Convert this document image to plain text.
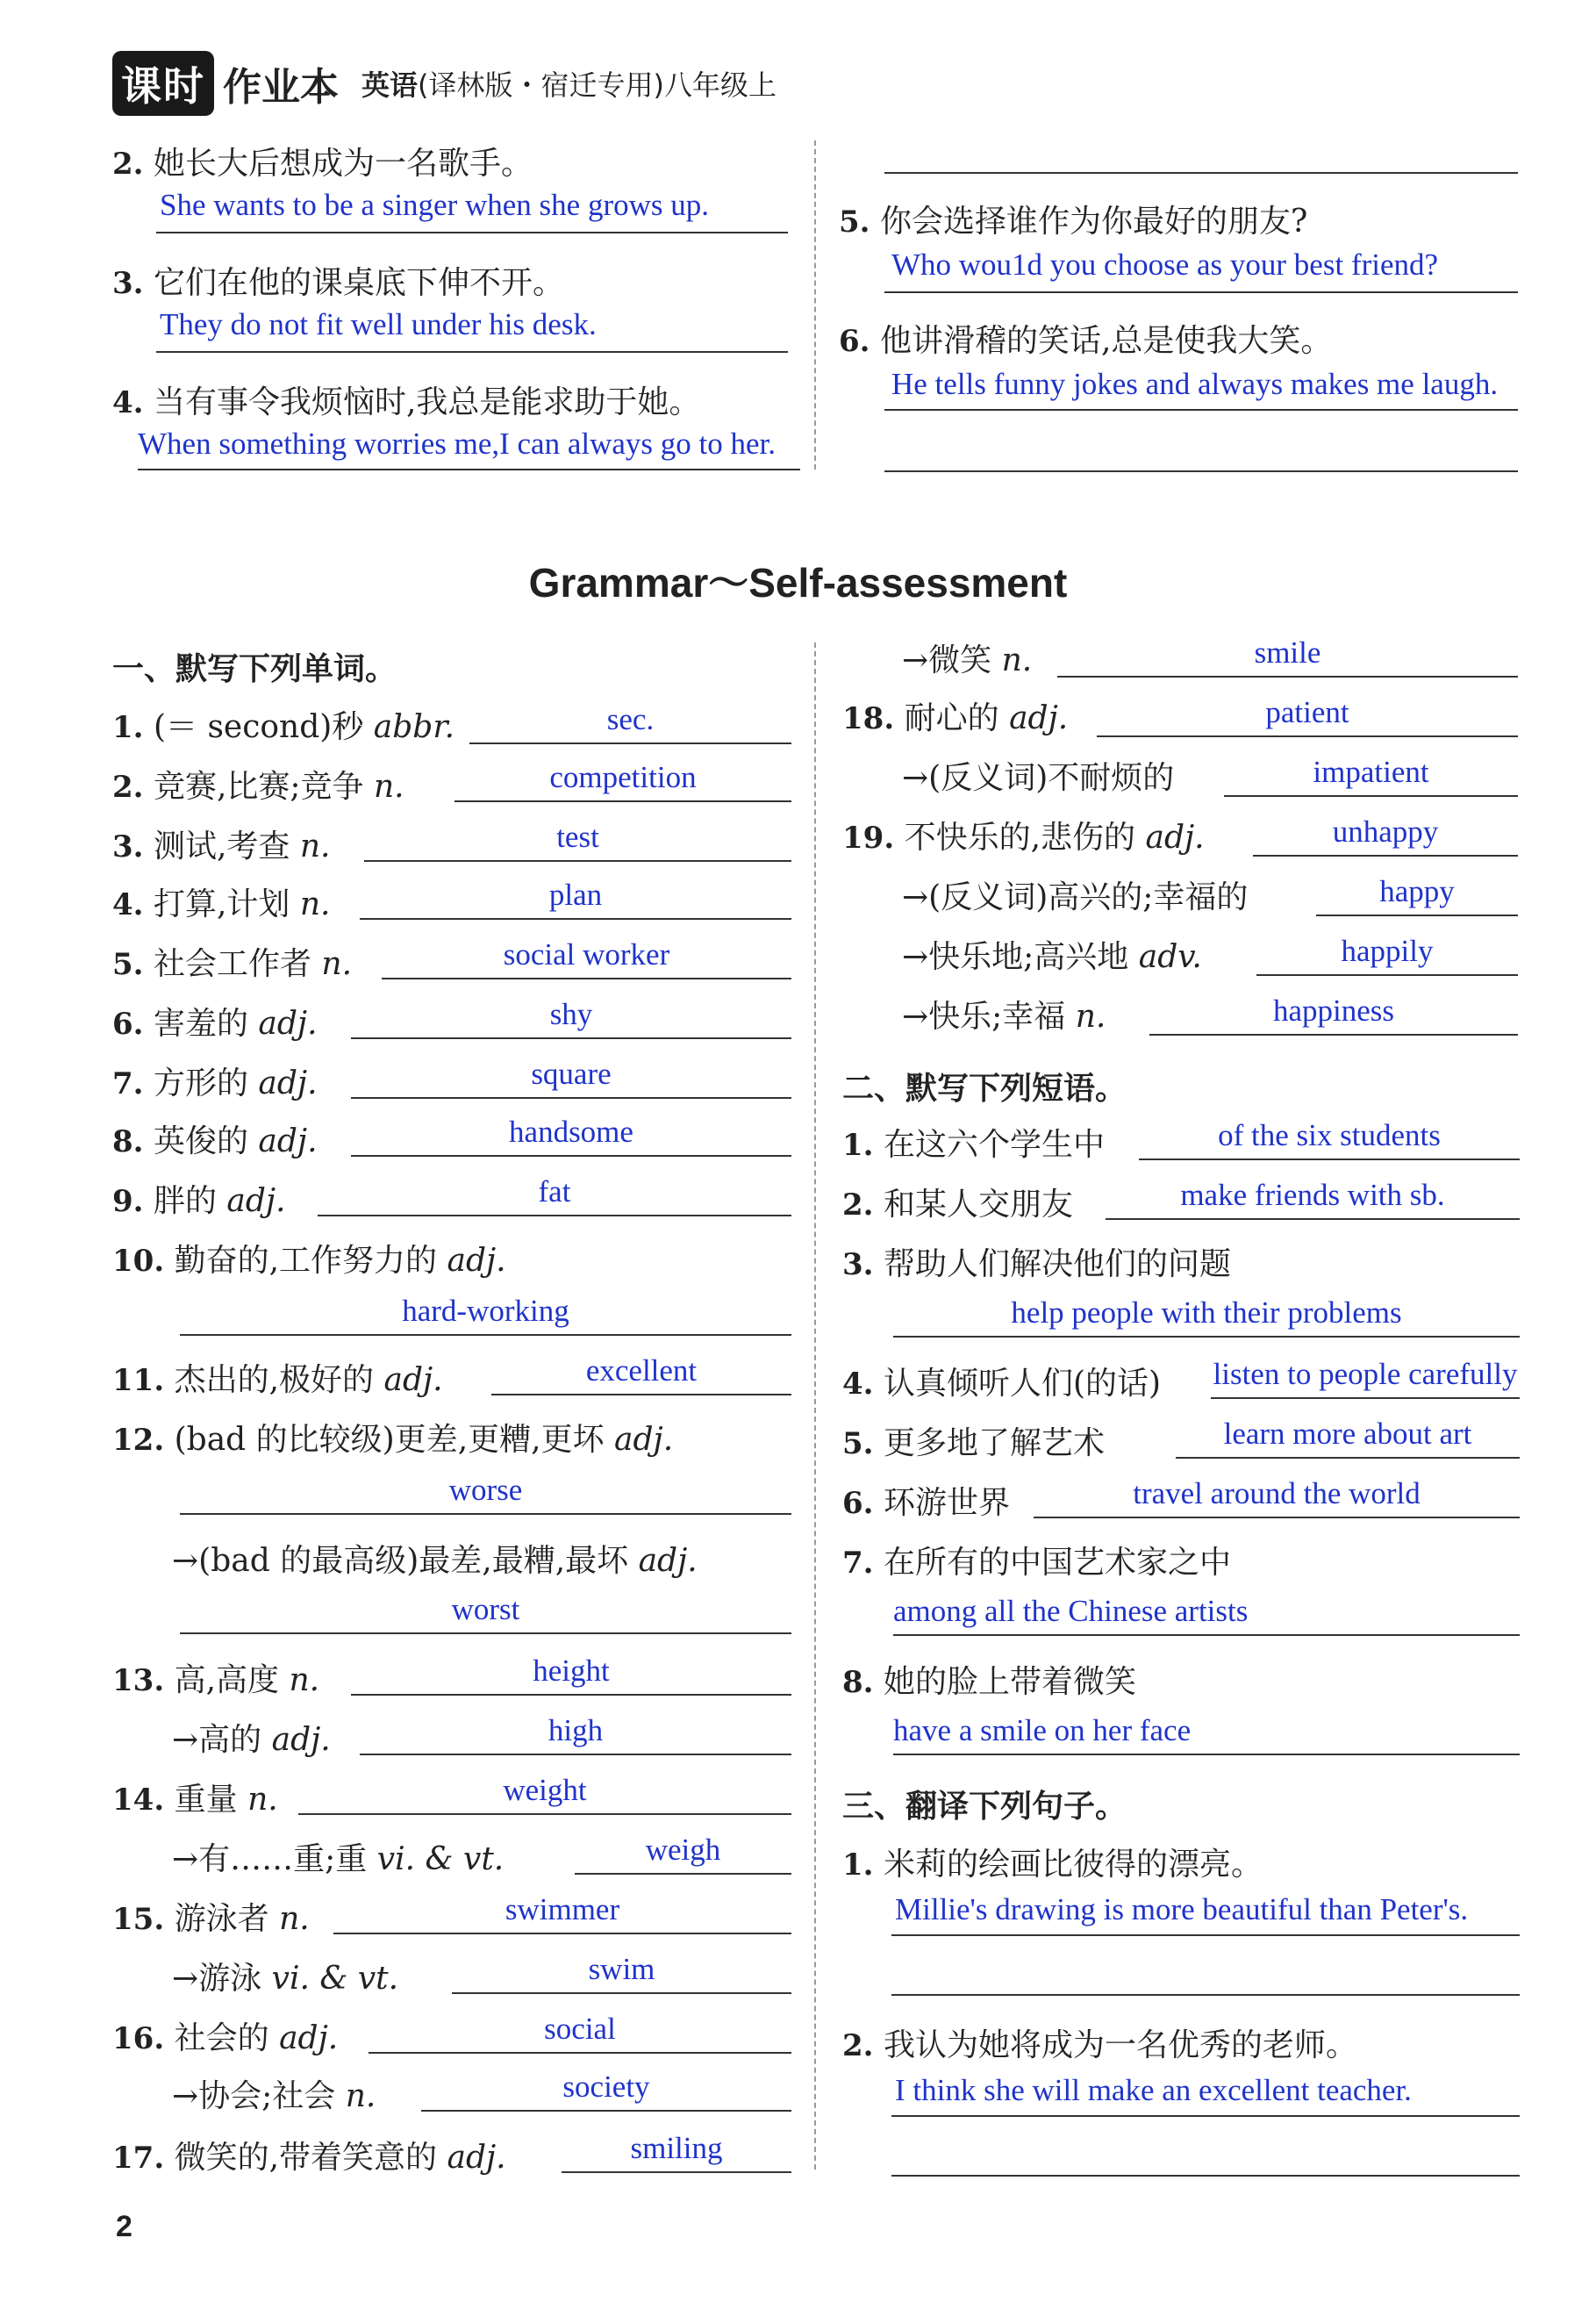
课时 作业本 英语(译林版・宿迁专用)八年级上
2. 她长大后想成为一名歌手。
She wants to be a singer when she grows up.
3. 它们在他的课桌底下伸不开。
They do not fit well under his desk.
4. 当有事令我烦恼时,我总是能求助于她。
When something worries me,I can always go to her.
5. 你会选择谁作为你最好的朋友?
Who wou1d you choose as your best friend?
6. 他讲滑稽的笑话,总是使我大笑。
He tells funny jokes and always makes me laugh.
Grammar～Self-assessment
一、默写下列单词。
1. (＝ second)秒 abbr.	sec.
2. 竞赛,比赛;竞争 n.	competition
3. 测试,考查 n.	test
4. 打算,计划 n.	plan
5. 社会工作者 n.	social worker
6. 害羞的 adj.	shy
7. 方形的 adj.	square
8. 英俊的 adj.	handsome
9. 胖的 adj.	fat
10. 勤奋的,工作努力的 adj.
hard-working
11. 杰出的,极好的 adj.	excellent
12. (bad 的比较级)更差,更糟,更坏 adj.
worse
→(bad 的最高级)最差,最糟,最坏 adj.
worst
13. 高,高度 n.	height
→高的 adj.	high
14. 重量 n.	weight
→有……重;重 vi. & vt.	weigh
15. 游泳者 n.	swimmer
→游泳 vi. & vt.	swim
16. 社会的 adj.	social
→协会;社会 n.	society
17. 微笑的,带着笑意的 adj.	smiling
→微笑 n.	smile
18. 耐心的 adj.	patient
→(反义词)不耐烦的	impatient
19. 不快乐的,悲伤的 adj.	unhappy
→(反义词)高兴的;幸福的	happy
→快乐地;高兴地 adv.	happily
→快乐;幸福 n.	happiness
二、默写下列短语。
1. 在这六个学生中	of the six students
2. 和某人交朋友	make friends with sb.
3. 帮助人们解决他们的问题
help people with their problems
4. 认真倾听人们(的话) listen to people carefully
5. 更多地了解艺术	learn more about art
6. 环游世界	travel around the world
7. 在所有的中国艺术家之中
among all the Chinese artists
8. 她的脸上带着微笑
have a smile on her face
三、翻译下列句子。
1. 米莉的绘画比彼得的漂亮。
Millie's drawing is more beautiful than Peter's.
2. 我认为她将成为一名优秀的老师。
I think she will make an excellent teacher.
2
